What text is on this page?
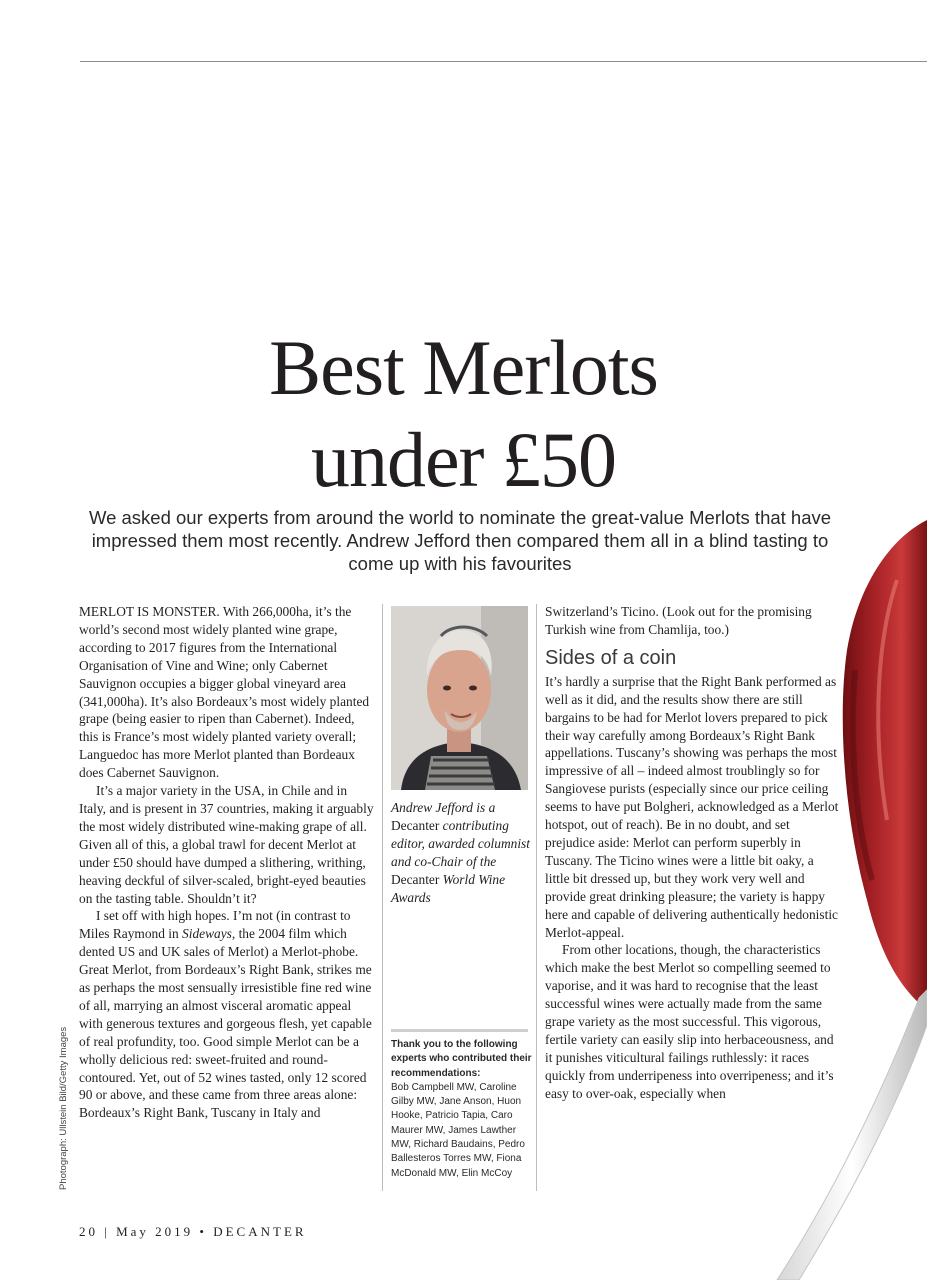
Best Merlots
under £50

We asked our experts from around the world to nominate the great-value Merlots that have impressed them most recently. Andrew Jefford then compared them all in a blind tasting to come up with his favourites

MERLOT IS MONSTER. With 266,000ha, it’s the world’s second most widely planted wine grape, according to 2017 figures from the International Organisation of Vine and Wine; only Cabernet Sauvignon occupies a bigger global vineyard area (341,000ha). It’s also Bordeaux’s most widely planted grape (being easier to ripen than Cabernet). Indeed, this is France’s most widely planted variety overall; Languedoc has more Merlot planted than Bordeaux does Cabernet Sauvignon.

It’s a major variety in the USA, in Chile and in Italy, and is present in 37 countries, making it arguably the most widely distributed wine-making grape of all. Given all of this, a global trawl for decent Merlot at under £50 should have dumped a slithering, writhing, heaving deckful of silver-scaled, bright-eyed beauties on the tasting table. Shouldn’t it?

I set off with high hopes. I’m not (in contrast to Miles Raymond in Sideways, the 2004 film which dented US and UK sales of Merlot) a Merlot-phobe. Great Merlot, from Bordeaux’s Right Bank, strikes me as perhaps the most sensually irresistible fine red wine of all, marrying an almost visceral aromatic appeal with generous textures and gorgeous flesh, yet capable of real profundity, too. Good simple Merlot can be a wholly delicious red: sweet-fruited and round-contoured. Yet, out of 52 wines tasted, only 12 scored 90 or above, and these came from three areas alone: Bordeaux’s Right Bank, Tuscany in Italy and

Andrew Jefford is a Decanter contributing editor, awarded columnist and co-Chair of the Decanter World Wine Awards

Thank you to the following experts who contributed their recommendations:

Bob Campbell MW, Caroline Gilby MW, Jane Anson, Huon Hooke, Patricio Tapia, Caro Maurer MW, James Lawther MW, Richard Baudains, Pedro Ballesteros Torres MW, Fiona McDonald MW, Elin McCoy

Switzerland’s Ticino. (Look out for the promising Turkish wine from Chamlija, too.)

Sides of a coin

It’s hardly a surprise that the Right Bank performed as well as it did, and the results show there are still bargains to be had for Merlot lovers prepared to pick their way carefully among Bordeaux’s Right Bank appellations. Tuscany’s showing was perhaps the most impressive of all – indeed almost troublingly so for Sangiovese purists (especially since our price ceiling seems to have put Bolgheri, acknowledged as a Merlot hotspot, out of reach). Be in no doubt, and set prejudice aside: Merlot can perform superbly in Tuscany. The Ticino wines were a little bit oaky, a little bit dressed up, but they work very well and provide great drinking pleasure; the variety is happy here and capable of delivering authentically hedonistic Merlot-appeal.

From other locations, though, the characteristics which make the best Merlot so compelling seemed to vaporise, and it was hard to recognise that the least successful wines were actually made from the same grape variety as the most successful. This vigorous, fertile variety can easily slip into herbaceousness, and it punishes viticultural failings ruthlessly: it races quickly from underripeness into overripeness; and it’s easy to over-oak, especially when

Photograph: Ullstein Bild/Getty Images
20 | May 2019 • DECANTER
